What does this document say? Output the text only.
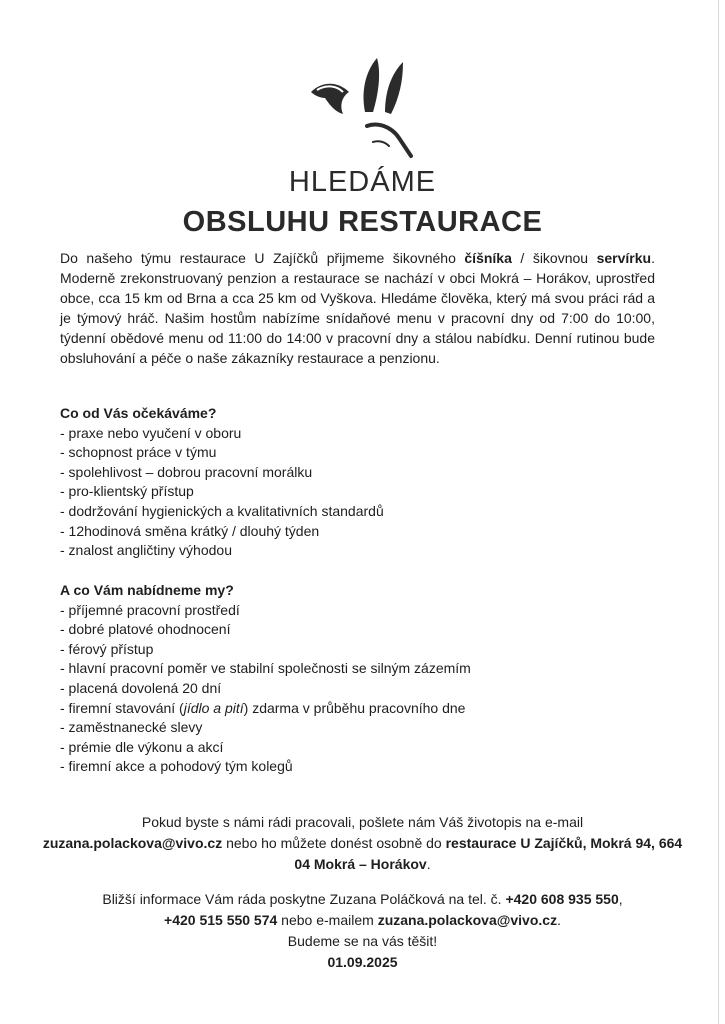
HLEDÁME
OBSLUHU RESTAURACE

Do našeho týmu restaurace U Zajíčků přijmeme šikovného číšníka / šikovnou servírku. Moderně zrekonstruovaný penzion a restaurace se nachází v obci Mokrá – Horákov, uprostřed obce, cca 15 km od Brna a cca 25 km od Vyškova. Hledáme člověka, který má svou práci rád a je týmový hráč. Našim hostům nabízíme snídaňové menu v pracovní dny od 7:00 do 10:00, týdenní obědové menu od 11:00 do 14:00 v pracovní dny a stálou nabídku. Denní rutinou bude obsluhování a péče o naše zákazníky restaurace a penzionu.

Co od Vás očekáváme?
- praxe nebo vyučení v oboru
- schopnost práce v týmu
- spolehlivost – dobrou pracovní morálku
- pro-klientský přístup
- dodržování hygienických a kvalitativních standardů
- 12hodinová směna krátký / dlouhý týden
- znalost angličtiny výhodou
A co Vám nabídneme my?
- příjemné pracovní prostředí
- dobré platové ohodnocení
- férový přístup
- hlavní pracovní poměr ve stabilní společnosti se silným zázemím
- placená dovolená 20 dní
- firemní stavování (jídlo a pití) zdarma v průběhu pracovního dne
- zaměstnanecké slevy
- prémie dle výkonu a akcí
- firemní akce a pohodový tým kolegů

Pokud byste s námi rádi pracovali, pošlete nám Váš životopis na e-mail
zuzana.polackova@vivo.cz nebo ho můžete donést osobně do restaurace U Zajíčků, Mokrá 94, 664 04 Mokrá – Horákov.

Bližší informace Vám ráda poskytne Zuzana Poláčková na tel. č. +420 608 935 550,
+420 515 550 574 nebo e-mailem zuzana.polackova@vivo.cz.
Budeme se na vás těšit!
01.09.2025
